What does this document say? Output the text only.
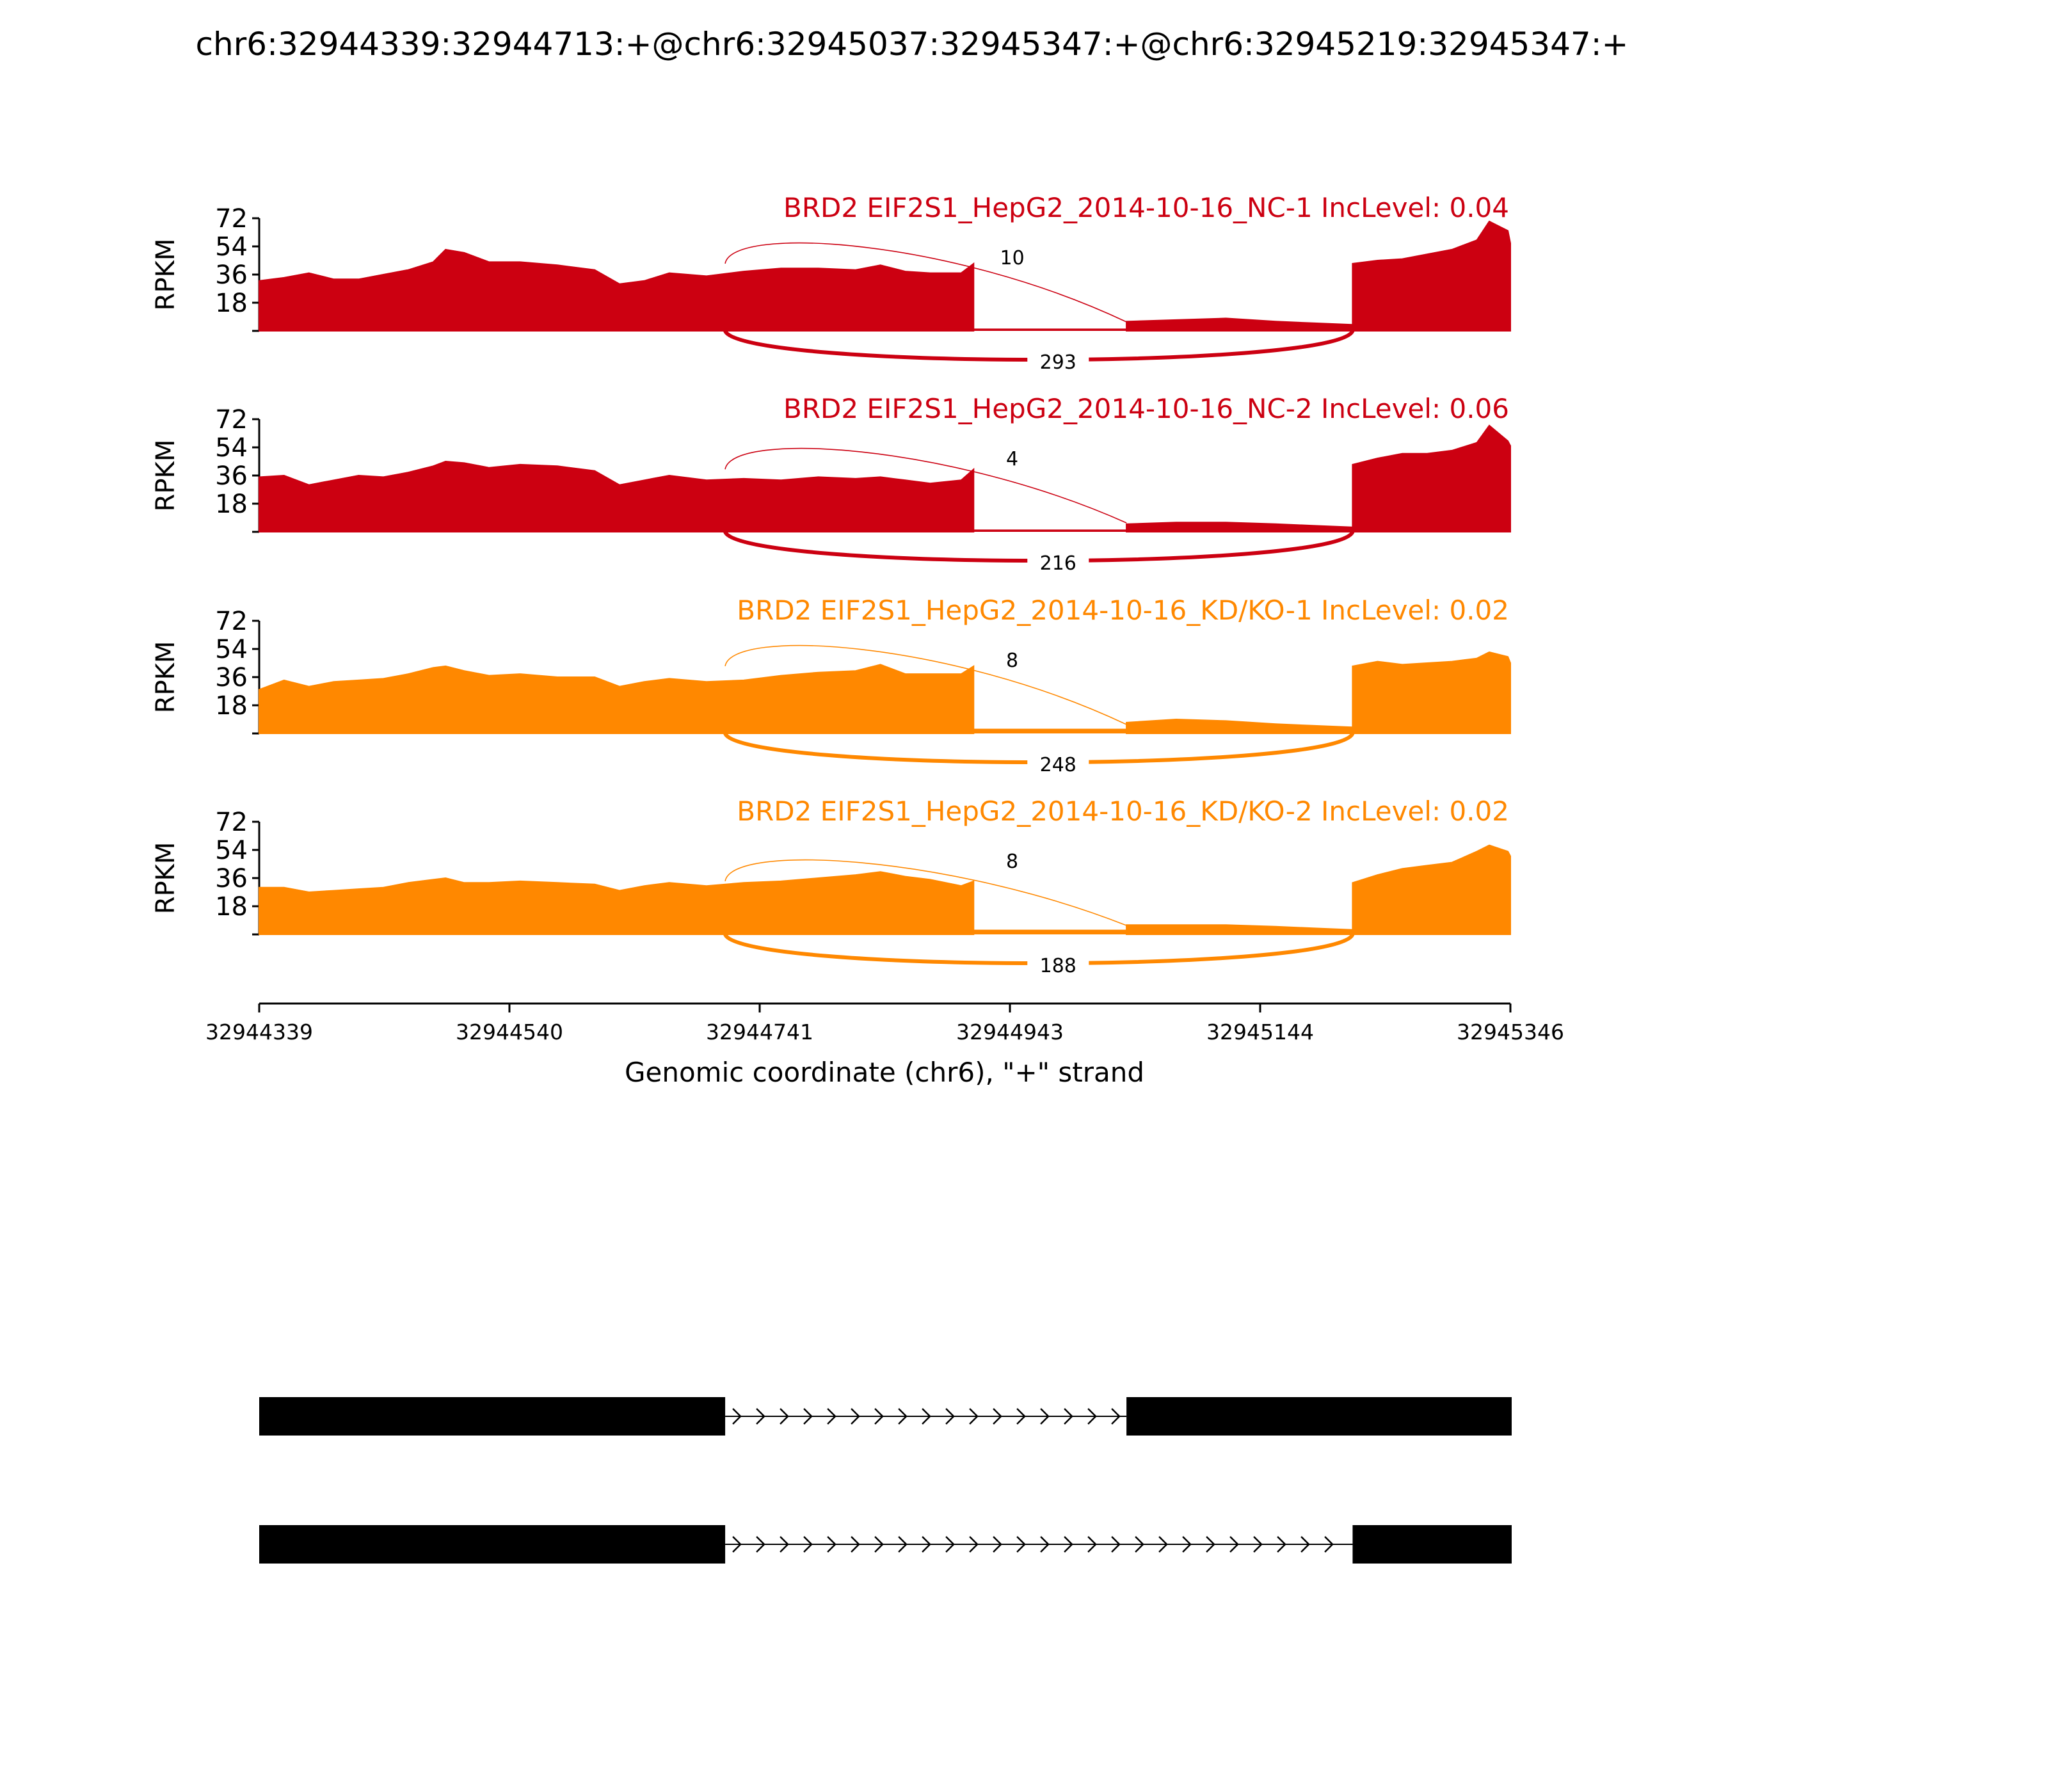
chr6:32944339:32944713:+@chr6:32945037:32945347:+@chr6:32945219:32945347:+
18
36
54
72
RPKM	10
293
BRD2 EIF2S1_HepG2_2014-10-16_NC-1 IncLevel: 0.04
18
36
54
72
RPKM	4
216
BRD2 EIF2S1_HepG2_2014-10-16_NC-2 IncLevel: 0.06
18
36
54
72
RPKM	8
248
BRD2 EIF2S1_HepG2_2014-10-16_KD/KO-1 IncLevel: 0.02
18
36
54
72
RPKM	8
188
BRD2 EIF2S1_HepG2_2014-10-16_KD/KO-2 IncLevel: 0.02
32944339	32944540	32944741	32944943	32945144	32945346
Genomic coordinate (chr6), "+" strand
